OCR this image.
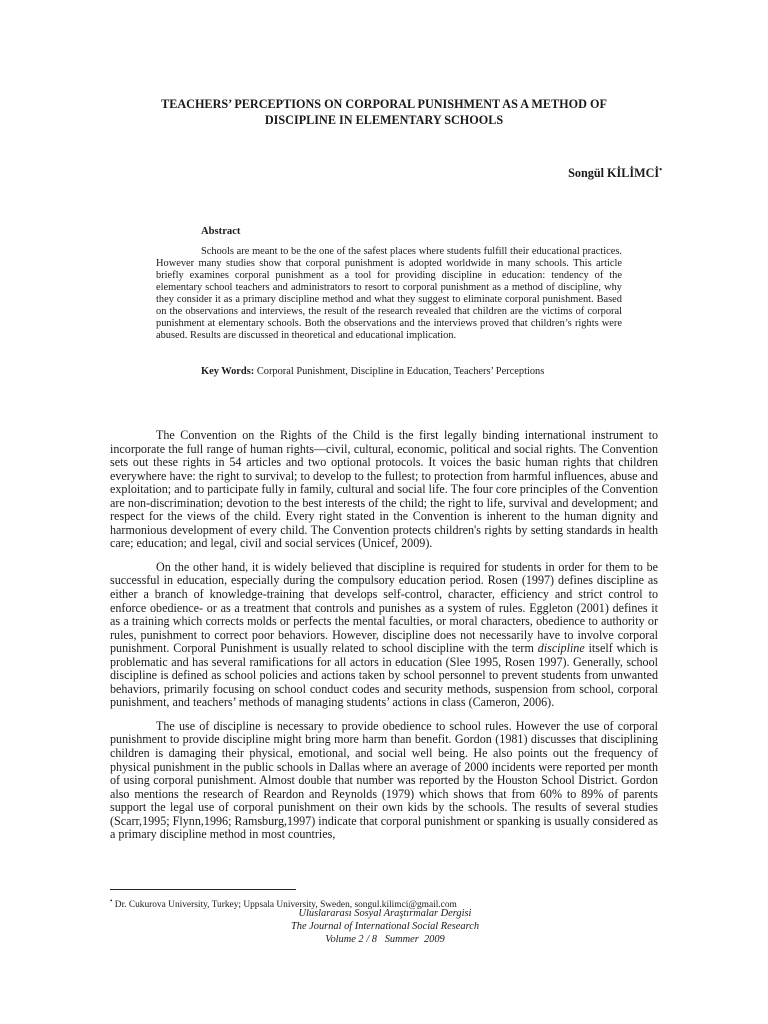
TEACHERS’ PERCEPTIONS ON CORPORAL PUNISHMENT AS A METHOD OF
DISCIPLINE IN ELEMENTARY SCHOOLS
Songül KİLİMCİ•
Abstract
Schools are meant to be the one of the safest places where students fulfill their educational practices. However many studies show that corporal punishment is adopted worldwide in many schools. This article briefly examines corporal punishment as a tool for providing discipline in education: tendency of the elementary school teachers and administrators to resort to corporal punishment as a method of discipline, why they consider it as a primary discipline method and what they suggest to eliminate corporal punishment. Based on the observations and interviews, the result of the research revealed that children are the victims of corporal punishment at elementary schools. Both the observations and the interviews proved that children’s rights were abused. Results are discussed in theoretical and educational implication.
Key Words: Corporal Punishment, Discipline in Education, Teachers’ Perceptions

The Convention on the Rights of the Child is the first legally binding international instrument to incorporate the full range of human rights—civil, cultural, economic, political and social rights. The Convention sets out these rights in 54 articles and two optional protocols. It voices the basic human rights that children everywhere have: the right to survival; to develop to the fullest; to protection from harmful influences, abuse and exploitation; and to participate fully in family, cultural and social life. The four core principles of the Convention are non-discrimination; devotion to the best interests of the child; the right to life, survival and development; and respect for the views of the child. Every right stated in the Convention is inherent to the human dignity and harmonious development of every child. The Convention protects children's rights by setting standards in health care; education; and legal, civil and social services (Unicef, 2009).

On the other hand, it is widely believed that discipline is required for students in order for them to be successful in education, especially during the compulsory education period. Rosen (1997) defines discipline as either a branch of knowledge-training that develops self-control, character, efficiency and strict control to enforce obedience- or as a treatment that controls and punishes as a system of rules. Eggleton (2001) defines it as a training which corrects molds or perfects the mental faculties, or moral characters, obedience to authority or rules, punishment to correct poor behaviors. However, discipline does not necessarily have to involve corporal punishment. Corporal Punishment is usually related to school discipline with the term discipline itself which is problematic and has several ramifications for all actors in education (Slee 1995, Rosen 1997). Generally, school discipline is defined as school policies and actions taken by school personnel to prevent students from unwanted behaviors, primarily focusing on school conduct codes and security methods, suspension from school, corporal punishment, and teachers’ methods of managing students’ actions in class (Cameron, 2006).

The use of discipline is necessary to provide obedience to school rules. However the use of corporal punishment to provide discipline might bring more harm than benefit. Gordon (1981) discusses that disciplining children is damaging their physical, emotional, and social well being. He also points out the frequency of physical punishment in the public schools in Dallas where an average of 2000 incidents were reported per month of using corporal punishment. Almost double that number was reported by the Houston School District. Gordon also mentions the research of Reardon and Reynolds (1979) which shows that from 60% to 89% of parents support the legal use of corporal punishment on their own kids by the schools. The results of several studies (Scarr,1995; Flynn,1996; Ramsburg,1997) indicate that corporal punishment or spanking is usually considered as a primary discipline method in most countries,

• Dr. Cukurova University, Turkey; Uppsala University, Sweden, songul.kilimci@gmail.com
Uluslararası Sosyal Araştırmalar Dergisi
The Journal of International Social Research
Volume 2 / 8   Summer  2009
